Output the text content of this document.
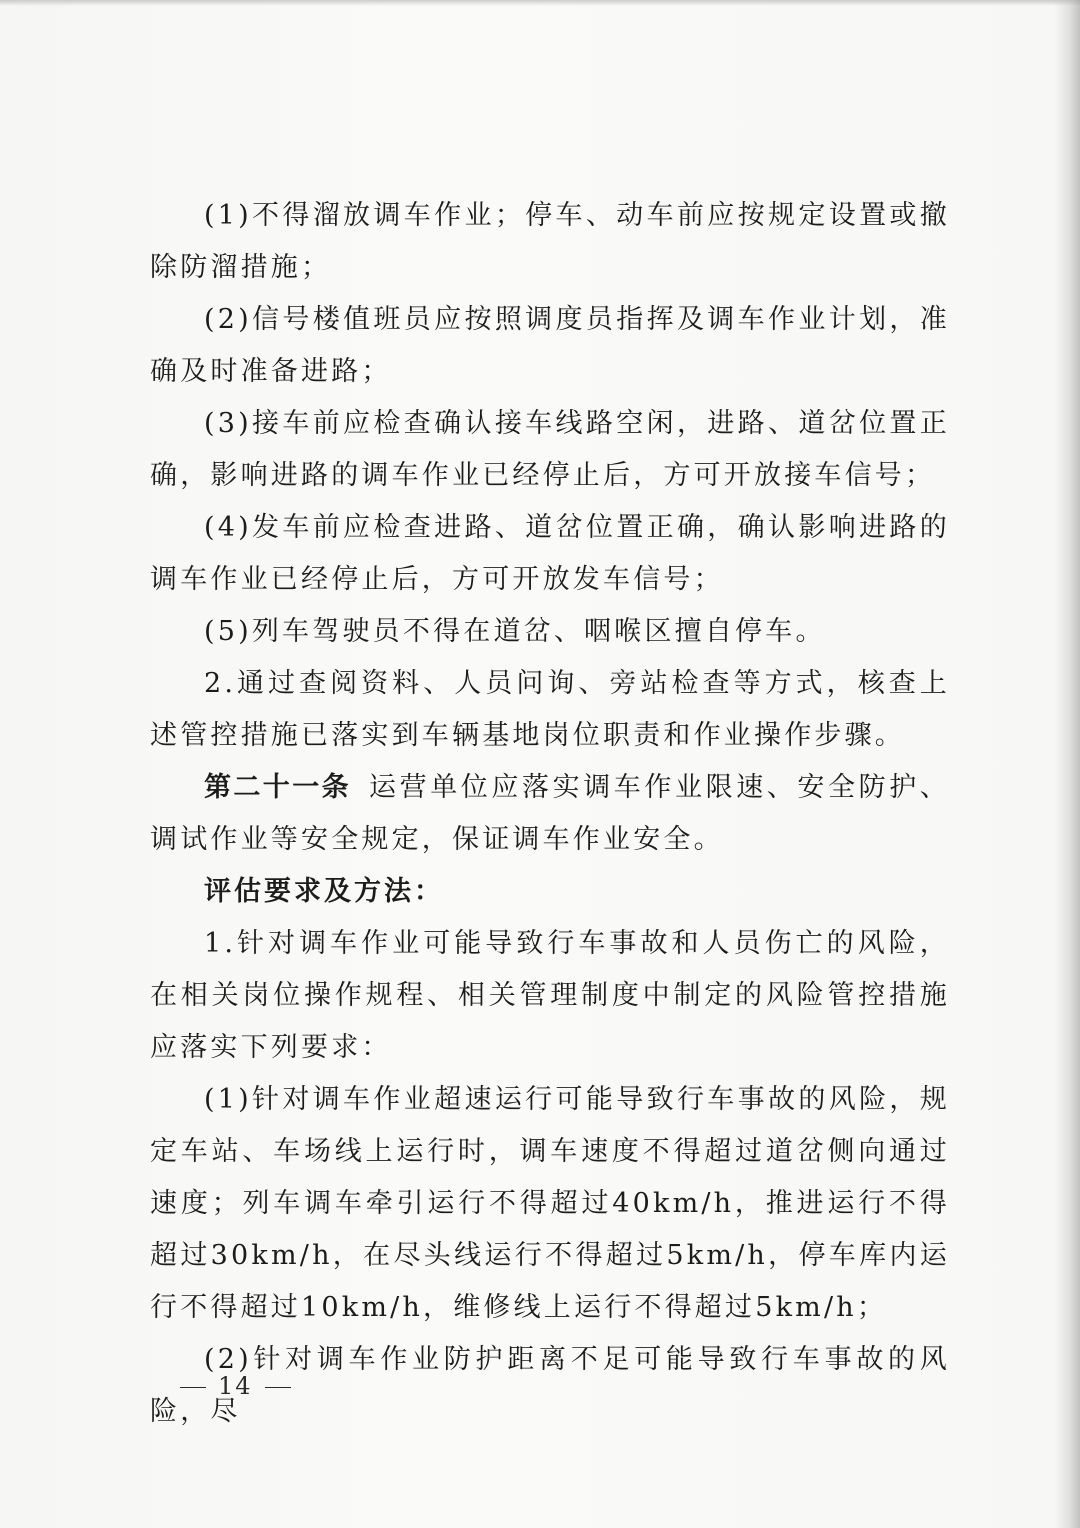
(1)不得溜放调车作业；停车、动车前应按规定设置或撤除防溜措施；

(2)信号楼值班员应按照调度员指挥及调车作业计划，准确及时准备进路；

(3)接车前应检查确认接车线路空闲，进路、道岔位置正确，影响进路的调车作业已经停止后，方可开放接车信号；

(4)发车前应检查进路、道岔位置正确，确认影响进路的调车作业已经停止后，方可开放发车信号；

(5)列车驾驶员不得在道岔、咽喉区擅自停车。

2.通过查阅资料、人员问询、旁站检查等方式，核查上述管控措施已落实到车辆基地岗位职责和作业操作步骤。

第二十一条 运营单位应落实调车作业限速、安全防护、调试作业等安全规定，保证调车作业安全。

评估要求及方法：

1.针对调车作业可能导致行车事故和人员伤亡的风险，在相关岗位操作规程、相关管理制度中制定的风险管控措施应落实下列要求：

(1)针对调车作业超速运行可能导致行车事故的风险，规定车站、车场线上运行时，调车速度不得超过道岔侧向通过速度；列车调车牵引运行不得超过40km/h，推进运行不得超过30km/h，在尽头线运行不得超过5km/h，停车库内运行不得超过10km/h，维修线上运行不得超过5km/h；

(2)针对调车作业防护距离不足可能导致行车事故的风险，尽

14
